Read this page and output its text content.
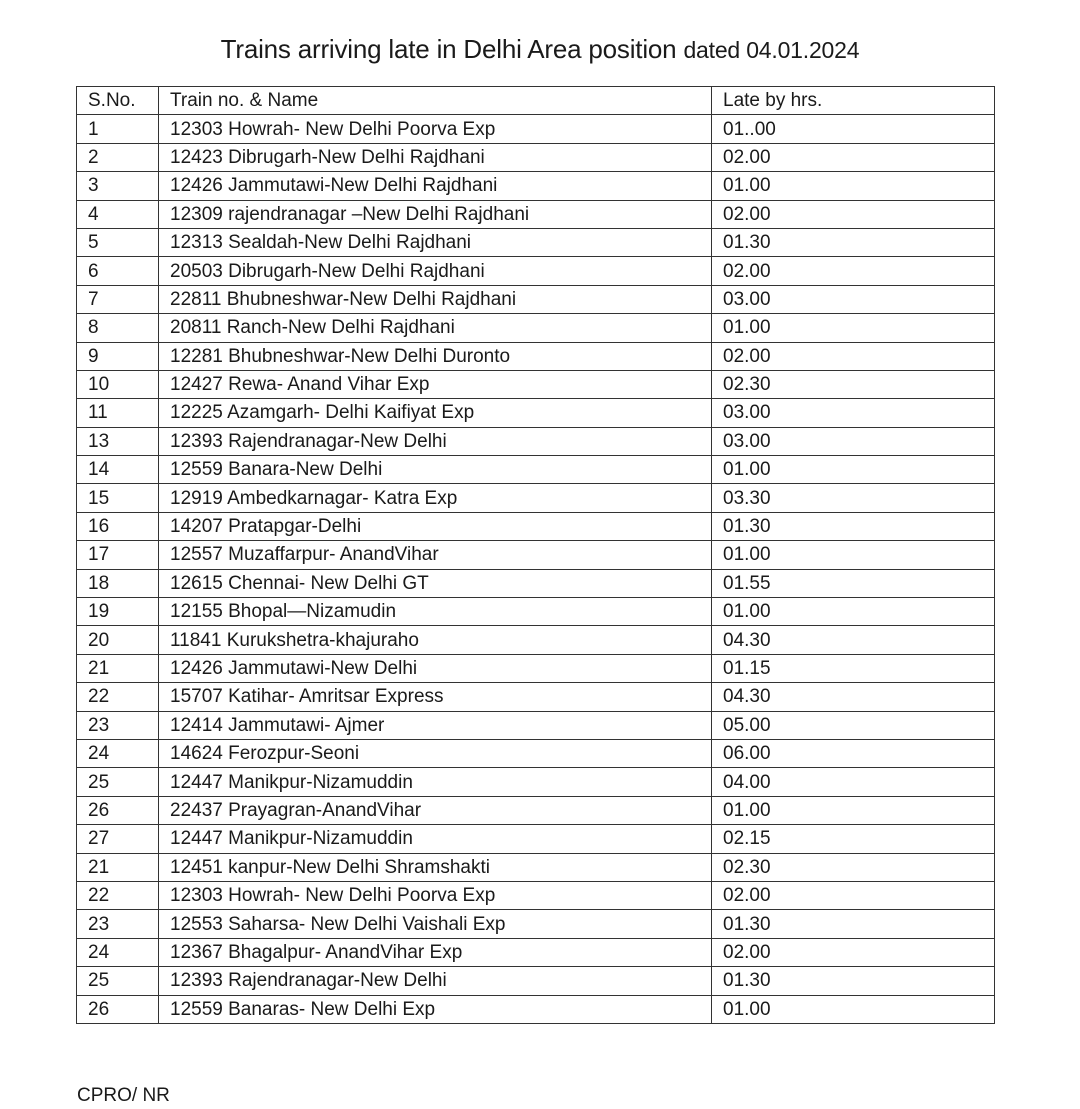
Trains arriving late in Delhi Area position dated 04.01.2024
S.No.	Train no. & Name	Late by hrs.
1	12303 Howrah- New Delhi Poorva Exp	01..00
2	12423 Dibrugarh-New Delhi Rajdhani	02.00
3	12426 Jammutawi-New Delhi Rajdhani	01.00
4	12309 rajendranagar –New Delhi Rajdhani	02.00
5	12313 Sealdah-New Delhi Rajdhani	01.30
6	20503 Dibrugarh-New Delhi Rajdhani	02.00
7	22811 Bhubneshwar-New Delhi Rajdhani	03.00
8	20811 Ranch-New Delhi Rajdhani	01.00
9	12281 Bhubneshwar-New Delhi Duronto	02.00
10	12427 Rewa- Anand Vihar Exp	02.30
11	12225 Azamgarh- Delhi Kaifiyat Exp	03.00
13	12393 Rajendranagar-New Delhi	03.00
14	12559 Banara-New Delhi	01.00
15	12919 Ambedkarnagar- Katra Exp	03.30
16	14207 Pratapgar-Delhi	01.30
17	12557 Muzaffarpur- AnandVihar	01.00
18	12615 Chennai- New Delhi GT	01.55
19	12155 Bhopal—Nizamudin	01.00
20	11841 Kurukshetra-khajuraho	04.30
21	12426 Jammutawi-New Delhi	01.15
22	15707 Katihar- Amritsar Express	04.30
23	12414 Jammutawi- Ajmer	05.00
24	14624 Ferozpur-Seoni	06.00
25	12447 Manikpur-Nizamuddin	04.00
26	22437 Prayagran-AnandVihar	01.00
27	12447 Manikpur-Nizamuddin	02.15
21	12451 kanpur-New Delhi Shramshakti	02.30
22	12303 Howrah- New Delhi Poorva Exp	02.00
23	12553 Saharsa- New Delhi Vaishali Exp	01.30
24	12367 Bhagalpur- AnandVihar Exp	02.00
25	12393 Rajendranagar-New Delhi	01.30
26	12559 Banaras- New Delhi Exp	01.00
CPRO/ NR
